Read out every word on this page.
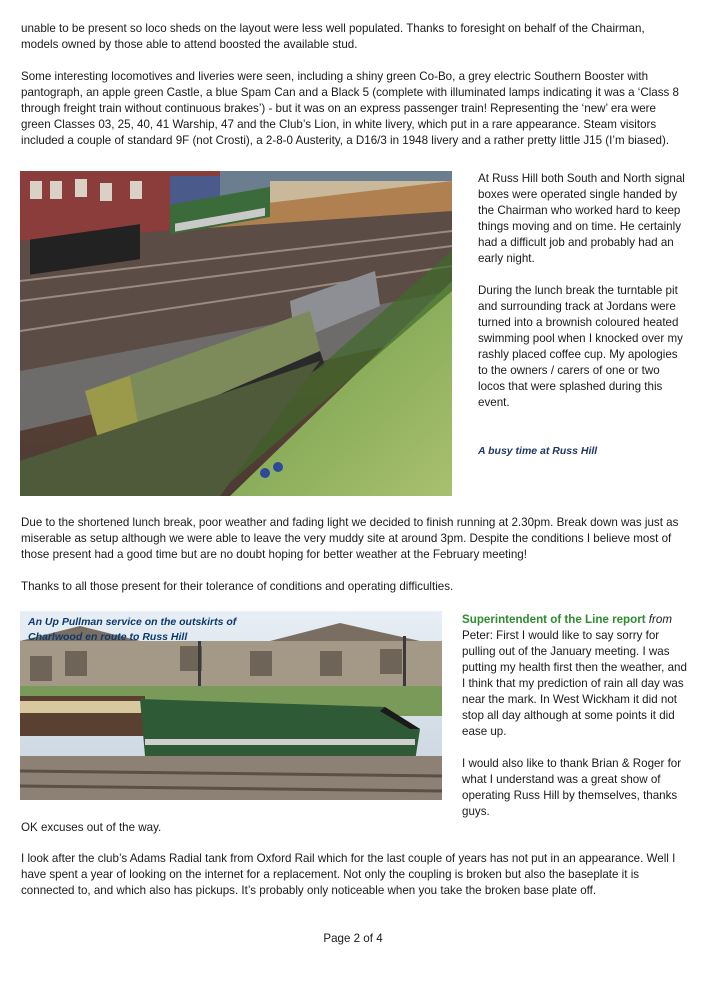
unable to be present so loco sheds on the layout were less well populated. Thanks to foresight on behalf of the Chairman, models owned by those able to attend boosted the available stud.

Some interesting locomotives and liveries were seen, including a shiny green Co-Bo, a grey electric Southern Booster with pantograph, an apple green Castle, a blue Spam Can and a Black 5 (complete with illuminated lamps indicating it was a ‘Class 8 through freight train without continuous brakes’) - but it was on an express passenger train! Representing the ‘new’ era were green Classes 03, 25, 40, 41 Warship, 47 and the Club’s Lion, in white livery, which put in a rare appearance. Steam visitors included a couple of standard 9F (not Crosti), a 2-8-0 Austerity, a D16/3 in 1948 livery and a rather pretty little J15 (I’m biased).

At Russ Hill both South and North signal boxes were operated single handed by the Chairman who worked hard to keep things moving and on time. He certainly had a difficult job and probably had an early night.

During the lunch break the turntable pit and surrounding track at Jordans were turned into a brownish coloured heated swimming pool when I knocked over my rashly placed coffee cup. My apologies to the owners / carers of one or two locos that were splashed during this event.

A busy time at Russ Hill

Due to the shortened lunch break, poor weather and fading light we decided to finish running at 2.30pm. Break down was just as miserable as setup although we were able to leave the very muddy site at around 3pm. Despite the conditions I believe most of those present had a good time but are no doubt hoping for better weather at the February meeting!

Thanks to all those present for their tolerance of conditions and operating difficulties.

An Up Pullman service on the outskirts of Charlwood en route to Russ Hill

Superintendent of the Line report from Peter: First I would like to say sorry for pulling out of the January meeting. I was putting my health first then the weather, and I think that my prediction of rain all day was near the mark. In West Wickham it did not stop all day although at some points it did ease up.

I would also like to thank Brian & Roger for what I understand was a great show of operating Russ Hill by themselves, thanks guys.

OK excuses out of the way.

I look after the club’s Adams Radial tank from Oxford Rail which for the last couple of years has not put in an appearance. Well I have spent a year of looking on the internet for a replacement. Not only the coupling is broken but also the baseplate it is connected to, and which also has pickups. It’s probably only noticeable when you take the broken base plate off.

Page 2 of 4
